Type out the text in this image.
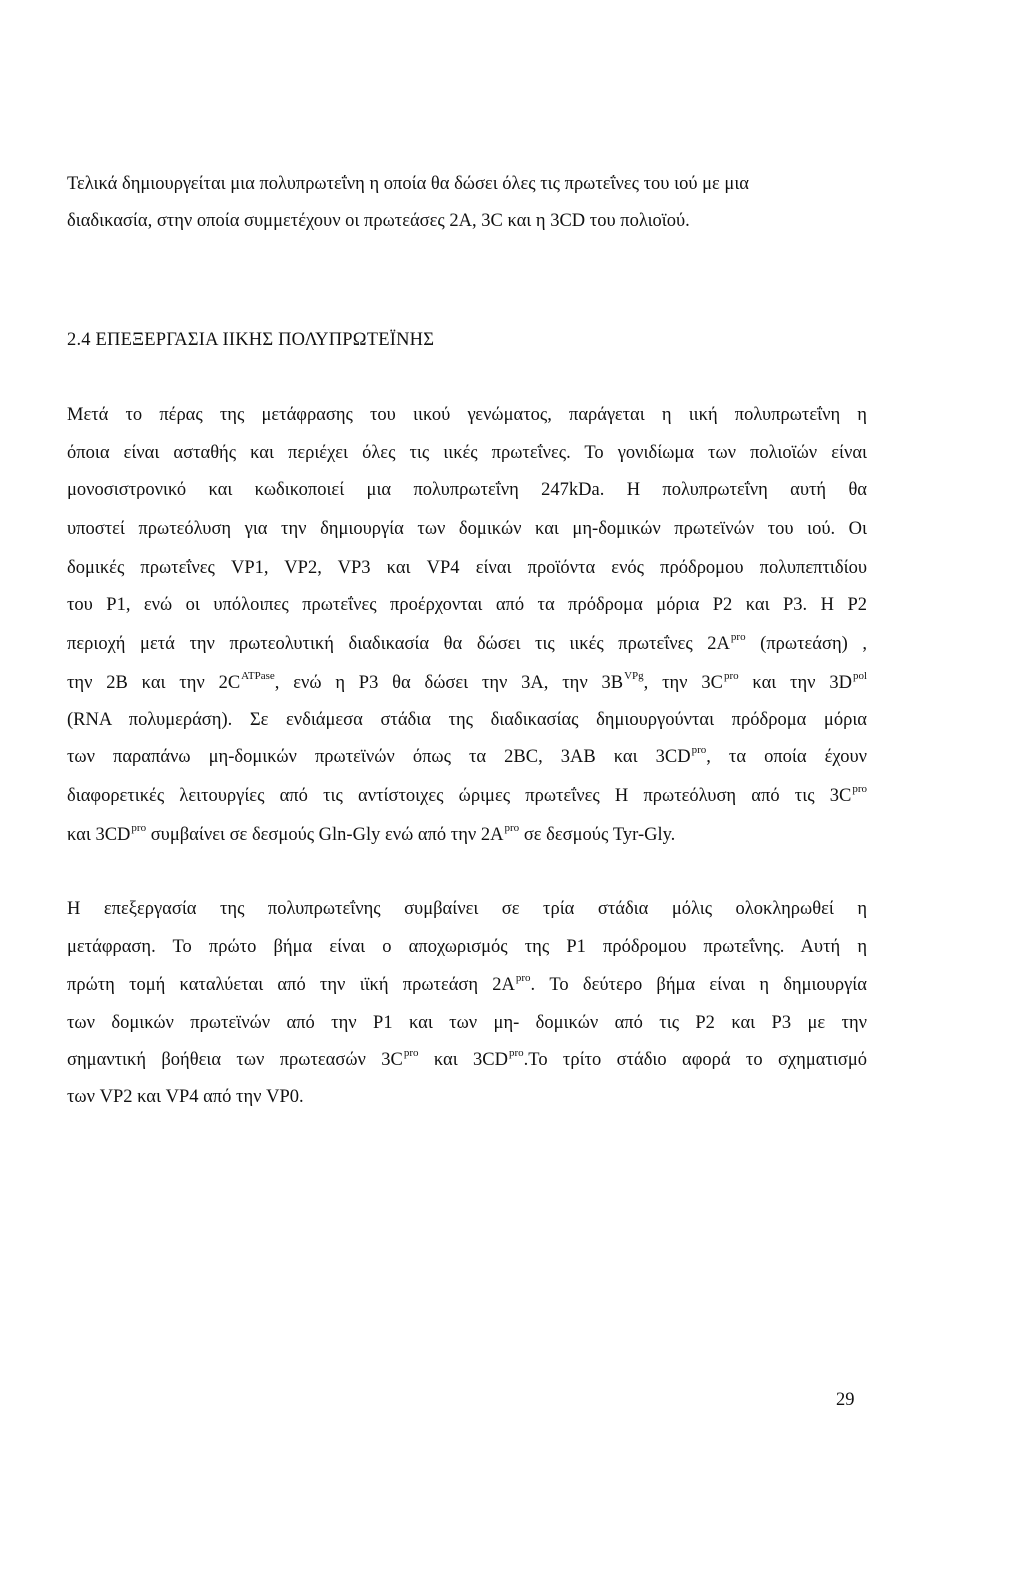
Τελικά δημιουργείται μια πολυπρωτεΐνη η οποία θα δώσει όλες τις πρωτεΐνες του ιού με μια
διαδικασία, στην οποία συμμετέχουν οι πρωτεάσες 2A, 3C και η 3CD του πολιοϊού.
2.4 ΕΠΕΞΕΡΓΑΣΙΑ ΙΙΚΗΣ ΠΟΛΥΠΡΩΤΕΪΝΗΣ
Μετά το πέρας της μετάφρασης του ιικού γενώματος, παράγεται η ιική πολυπρωτεΐνη η
όποια είναι ασταθής και περιέχει όλες τις ιικές πρωτεΐνες. Το γονιδίωμα των πολιοϊών είναι
μονοσιστρονικό και κωδικοποιεί μια πολυπρωτεΐνη 247kDa. Η πολυπρωτεΐνη αυτή θα
υποστεί πρωτεόλυση για την δημιουργία των δομικών και μη-δομικών πρωτεϊνών του ιού. Οι
δομικές πρωτεΐνες VP1, VP2, VP3 και VP4 είναι προϊόντα ενός πρόδρομου πολυπεπτιδίου
του P1, ενώ οι υπόλοιπες πρωτεΐνες προέρχονται από τα πρόδρομα μόρια P2 και P3. Η P2
περιοχή μετά την πρωτεολυτική διαδικασία θα δώσει τις ιικές πρωτεΐνες $2A^{pro}$ (πρωτεάση) ,
την 2B και την $2C^{ATPase}$, ενώ η P3 θα δώσει την 3A, την $3B^{VPg}$, την $3C^{pro}$ και την $3D^{pol}$
(RNA πολυμεράση). Σε ενδιάμεσα στάδια της διαδικασίας δημιουργούνται πρόδρομα μόρια
των παραπάνω μη-δομικών πρωτεϊνών όπως τα 2BC, 3AB και $3CD^{pro}$, τα οποία έχουν
διαφορετικές λειτουργίες από τις αντίστοιχες ώριμες πρωτεΐνες Η πρωτεόλυση από τις $3C^{pro}$
και $3CD^{pro}$ συμβαίνει σε δεσμούς Gln-Gly ενώ από την $2A^{pro}$ σε δεσμούς Tyr-Gly.
Η επεξεργασία της πολυπρωτεΐνης συμβαίνει σε τρία στάδια μόλις ολοκληρωθεί η
μετάφραση. Το πρώτο βήμα είναι ο αποχωρισμός της P1 πρόδρομου πρωτεΐνης. Αυτή η
πρώτη τομή καταλύεται από την ιϊκή πρωτεάση $2A^{pro}$. Το δεύτερο βήμα είναι η δημιουργία
των δομικών πρωτεϊνών από την P1 και των μη- δομικών από τις P2 και P3 με την
σημαντική βοήθεια των πρωτεασών $3C^{pro}$ και $3CD^{pro}.To$ τρίτο στάδιο αφορά το σχηματισμό
των VP2 και VP4 από την VP0.
29
